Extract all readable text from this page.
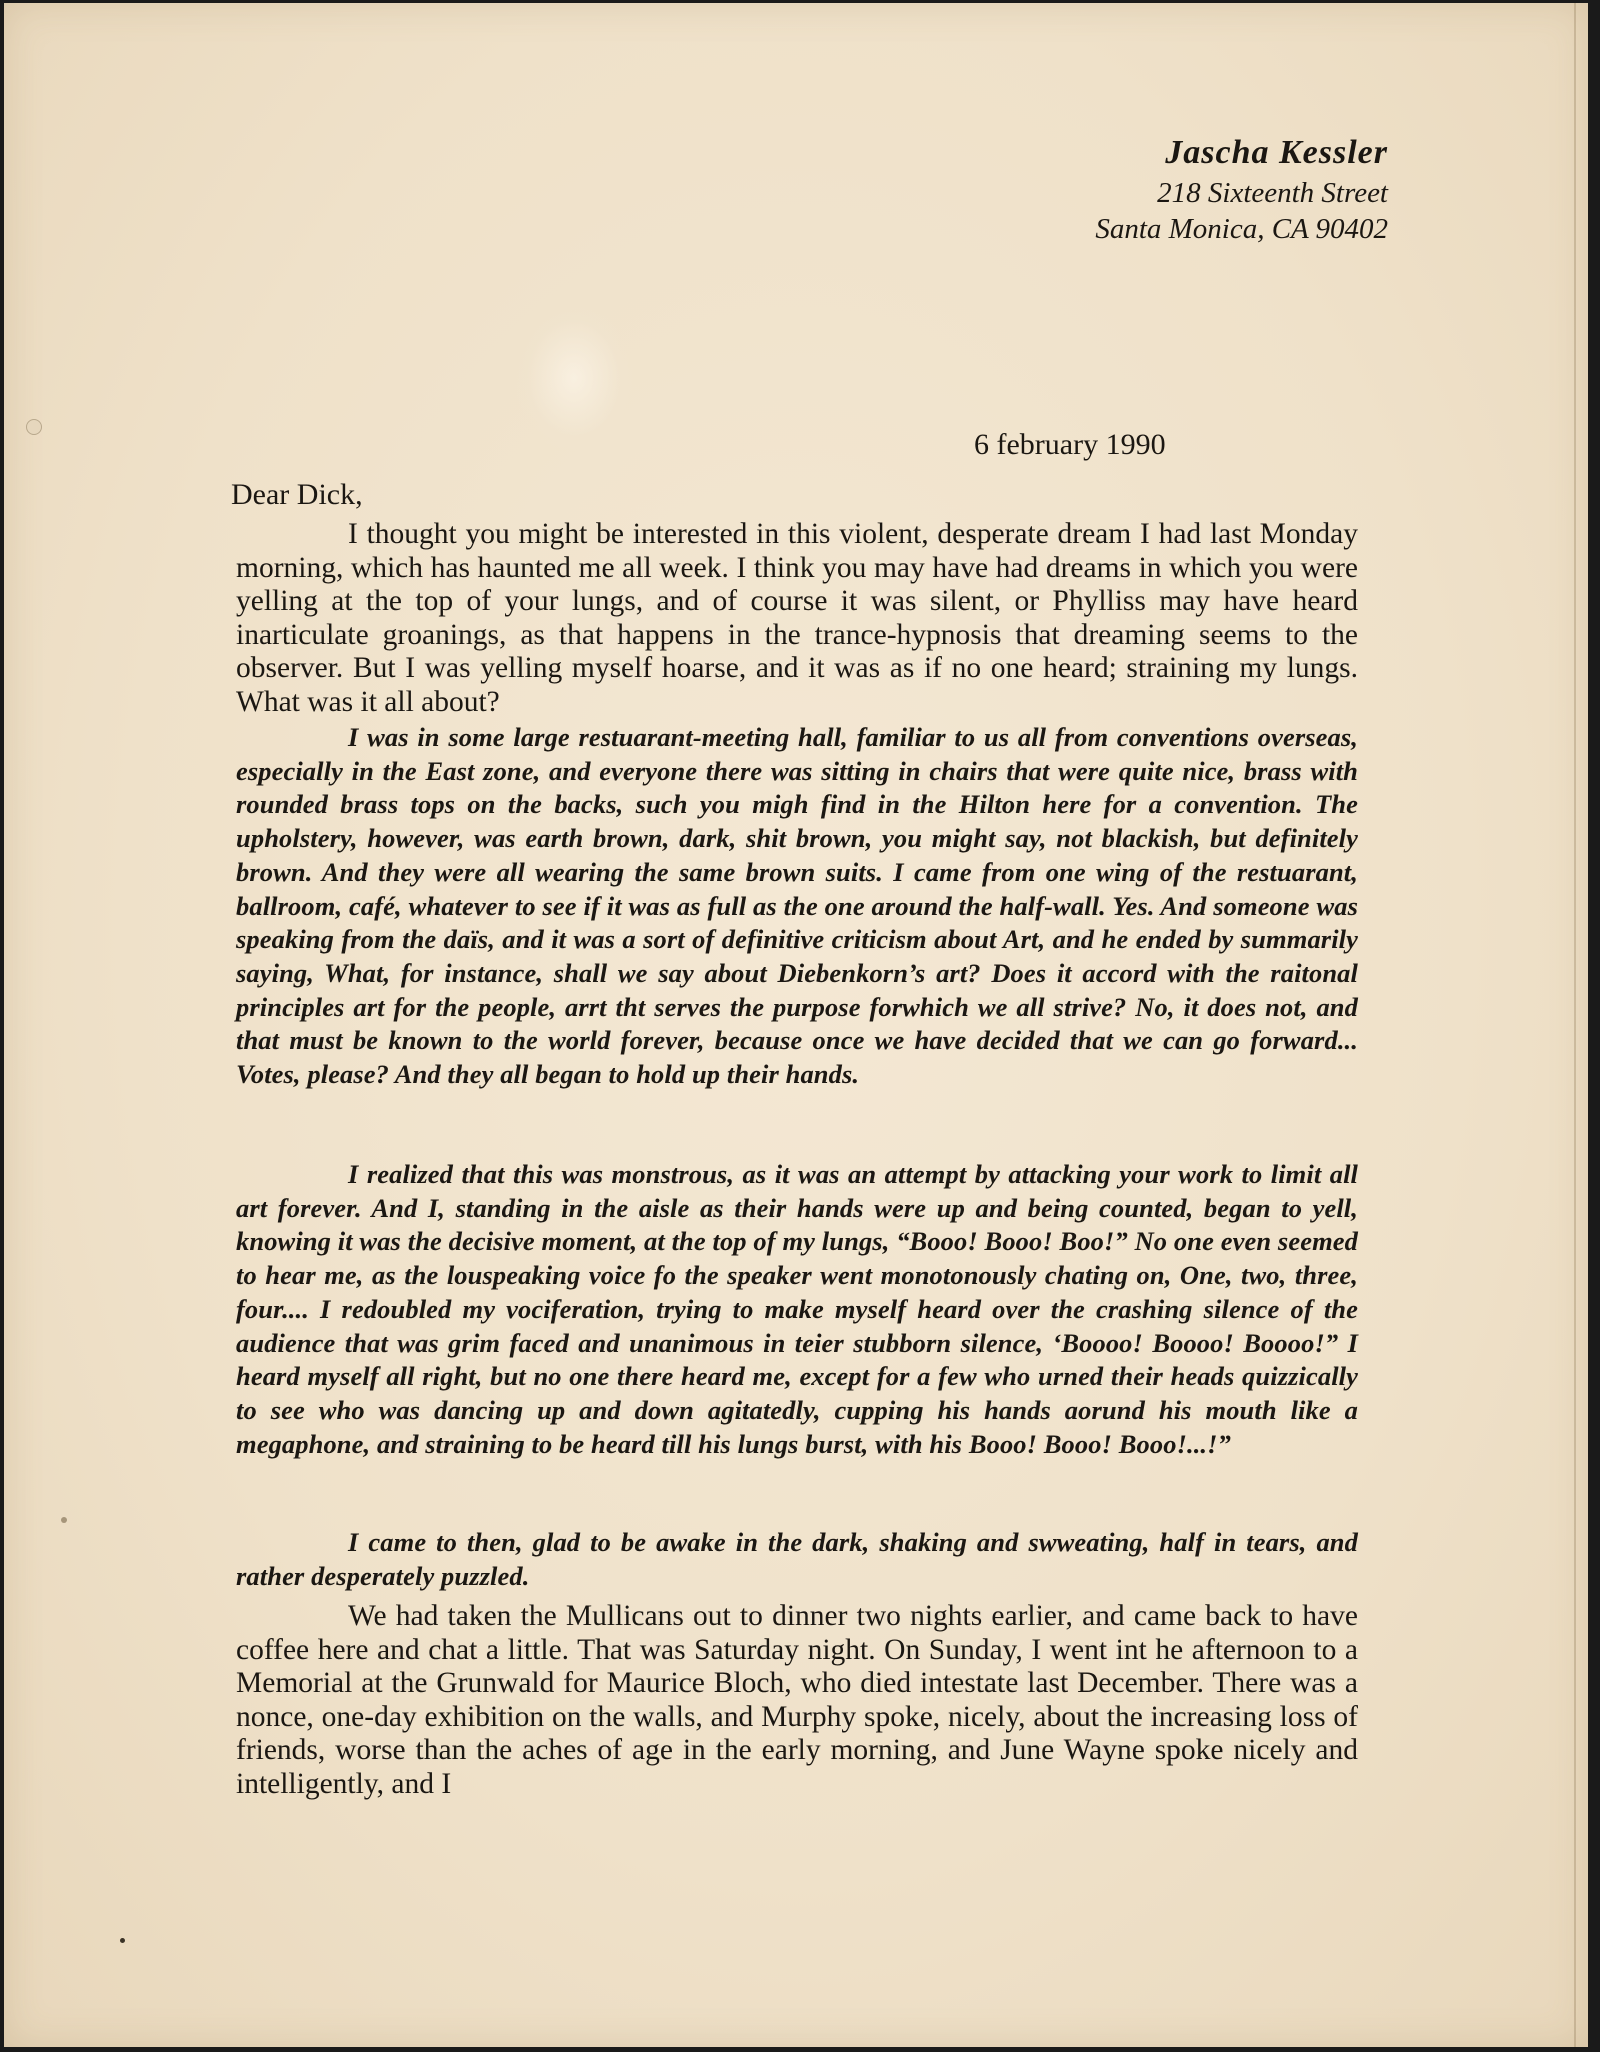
Jascha Kessler
218 Sixteenth Street
Santa Monica, CA 90402
6 february 1990
Dear Dick,

I thought you might be interested in this violent, desperate dream I had last Monday morning, which has haunted me all week. I think you may have had dreams in which you were yelling at the top of your lungs, and of course it was silent, or Phylliss may have heard inarticulate groanings, as that happens in the trance-hypnosis that dreaming seems to the observer. But I was yelling myself hoarse, and it was as if no one heard; straining my lungs. What was it all about?

I was in some large restuarant-meeting hall, familiar to us all from conventions overseas, especially in the East zone, and everyone there was sitting in chairs that were quite nice, brass with rounded brass tops on the backs, such you migh find in the Hilton here for a convention. The upholstery, however, was earth brown, dark, shit brown, you might say, not blackish, but definitely brown. And they were all wearing the same brown suits. I came from one wing of the restuarant, ballroom, café, whatever to see if it was as full as the one around the half-wall. Yes. And someone was speaking from the daïs, and it was a sort of definitive criticism about Art, and he ended by summarily saying, What, for instance, shall we say about Diebenkorn’s art? Does it accord with the raitonal principles art for the people, arrt tht serves the purpose forwhich we all strive? No, it does not, and that must be known to the world forever, because once we have decided that we can go forward... Votes, please? And they all began to hold up their hands.

I realized that this was monstrous, as it was an attempt by attacking your work to limit all art forever. And I, standing in the aisle as their hands were up and being counted, began to yell, knowing it was the decisive moment, at the top of my lungs, “Booo! Booo! Boo!” No one even seemed to hear me, as the louspeaking voice fo the speaker went monotonously chating on, One, two, three, four.... I redoubled my vociferation, trying to make myself heard over the crashing silence of the audience that was grim faced and unanimous in teier stubborn silence, ‘Boooo! Boooo! Boooo!” I heard myself all right, but no one there heard me, except for a few who urned their heads quizzically to see who was dancing up and down agitatedly, cupping his hands aorund his mouth like a megaphone, and straining to be heard till his lungs burst, with his Booo! Booo! Booo!...!”

I came to then, glad to be awake in the dark, shaking and swweating, half in tears, and rather desperately puzzled.

We had taken the Mullicans out to dinner two nights earlier, and came back to have coffee here and chat a little. That was Saturday night. On Sunday, I went int he afternoon to a Memorial at the Grunwald for Maurice Bloch, who died intestate last December. There was a nonce, one-day exhibition on the walls, and Murphy spoke, nicely, about the increasing loss of friends, worse than the aches of age in the early morning, and June Wayne spoke nicely and intelligently, and I
